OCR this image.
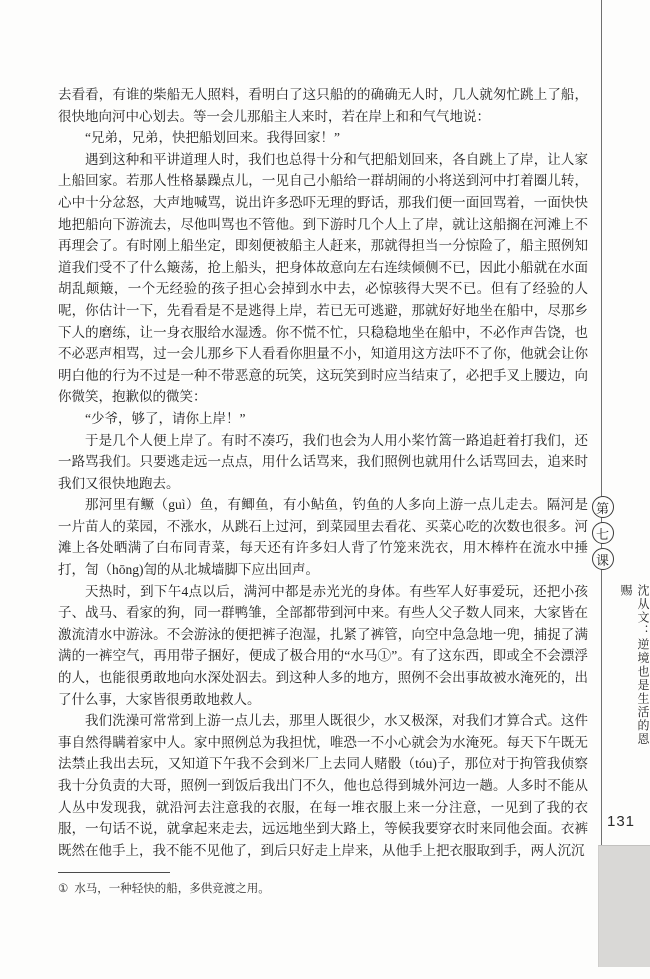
去看看，有谁的柴船无人照料，看明白了这只船的的确确无人时，几人就匆忙跳上了船，很快地向河中心划去。等一会儿那船主人来时，若在岸上和和气气地说：

“兄弟，兄弟，快把船划回来。我得回家！”

遇到这种和平讲道理人时，我们也总得十分和气把船划回来，各自跳上了岸，让人家上船回家。若那人性格暴躁点儿，一见自己小船给一群胡闹的小将送到河中打着圈儿转，心中十分忿怒，大声地喊骂，说出许多恐吓无理的野话，那我们便一面回骂着，一面快快地把船向下游流去，尽他叫骂也不管他。到下游时几个人上了岸，就让这船搁在河滩上不再理会了。有时刚上船坐定，即刻便被船主人赶来，那就得担当一分惊险了，船主照例知道我们受不了什么簸荡，抢上船头，把身体故意向左右连续倾侧不已，因此小船就在水面胡乱颠簸，一个无经验的孩子担心会掉到水中去，必惊骇得大哭不已。但有了经验的人呢，你估计一下，先看看是不是逃得上岸，若已无可逃避，那就好好地坐在船中，尽那乡下人的磨练，让一身衣服给水湿透。你不慌不忙，只稳稳地坐在船中，不必作声告饶，也不必恶声相骂，过一会儿那乡下人看看你胆量不小，知道用这方法吓不了你，他就会让你明白他的行为不过是一种不带恶意的玩笑，这玩笑到时应当结束了，必把手叉上腰边，向你微笑，抱歉似的微笑：

“少爷，够了，请你上岸！”

于是几个人便上岸了。有时不凑巧，我们也会为人用小桨竹篙一路追赶着打我们，还一路骂我们。只要逃走远一点点，用什么话骂来，我们照例也就用什么话骂回去，追来时我们又很快地跑去。

那河里有鳜（guì）鱼，有鲫鱼，有小鲇鱼，钓鱼的人多向上游一点儿走去。隔河是一片苗人的菜园，不涨水，从跳石上过河，到菜园里去看花、买菜心吃的次数也很多。河滩上各处晒满了白布同青菜，每天还有许多妇人背了竹笼来洗衣，用木棒杵在流水中捶打，訇（hōng)訇的从北城墙脚下应出回声。

天热时，到下午4点以后，满河中都是赤光光的身体。有些军人好事爱玩，还把小孩子、战马、看家的狗，同一群鸭雏，全部都带到河中来。有些人父子数人同来，大家皆在激流清水中游泳。不会游泳的便把裤子泡湿，扎紧了裤管，向空中急急地一兜，捕捉了满满的一裤空气，再用带子捆好，便成了极合用的“水马①”。有了这东西，即或全不会漂浮的人，也能很勇敢地向水深处泅去。到这种人多的地方，照例不会出事故被水淹死的，出了什么事，大家皆很勇敢地救人。

我们洗澡可常常到上游一点儿去，那里人既很少，水又极深，对我们才算合式。这件事自然得瞒着家中人。家中照例总为我担忧，唯恐一不小心就会为水淹死。每天下午既无法禁止我出去玩，又知道下午我不会到米厂上去同人赌骰（tóu)子，那位对于拘管我侦察我十分负责的大哥，照例一到饭后我出门不久，他也总得到城外河边一趟。人多时不能从人丛中发现我，就沿河去注意我的衣服，在每一堆衣服上来一分注意，一见到了我的衣服，一句话不说，就拿起来走去，远远地坐到大路上，等候我要穿衣时来同他会面。衣裤既然在他手上，我不能不见他了，到后只好走上岸来，从他手上把衣服取到手，两人沉沉

① 水马，一种轻快的船，多供竞渡之用。
第
七
课
沈从文：逆境也是生活的恩赐
131
